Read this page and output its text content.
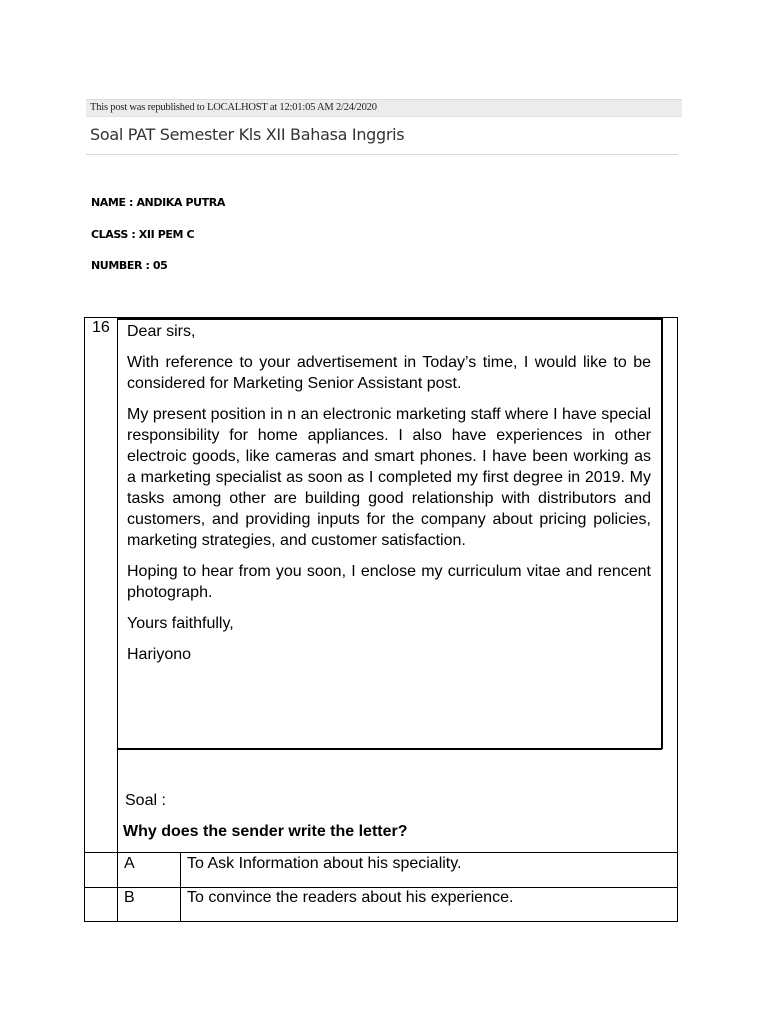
This post was republished to LOCALHOST at 12:01:05 AM 2/24/2020
Soal PAT Semester Kls XII Bahasa Inggris
NAME : ANDIKA PUTRA
CLASS : XII PEM C
NUMBER : 05
16 Dear sirs,

With reference to your advertisement in Today’s time, I would like to be considered for Marketing Senior Assistant post.

My present position in n an electronic marketing staff where I have special responsibility for home appliances. I also have experiences in other electroic goods, like cameras and smart phones. I have been working as a marketing specialist as soon as I completed my first degree in 2019. My tasks among other are building good relationship with distributors and customers, and providing inputs for the company about pricing policies, marketing strategies, and customer satisfaction.

Hoping to hear from you soon, I enclose my curriculum vitae and rencent photograph.

Yours faithfully,

Hariyono

Soal :
Why does the sender write the letter?
A	To Ask Information about his speciality.
B	To convince the readers about his experience.
